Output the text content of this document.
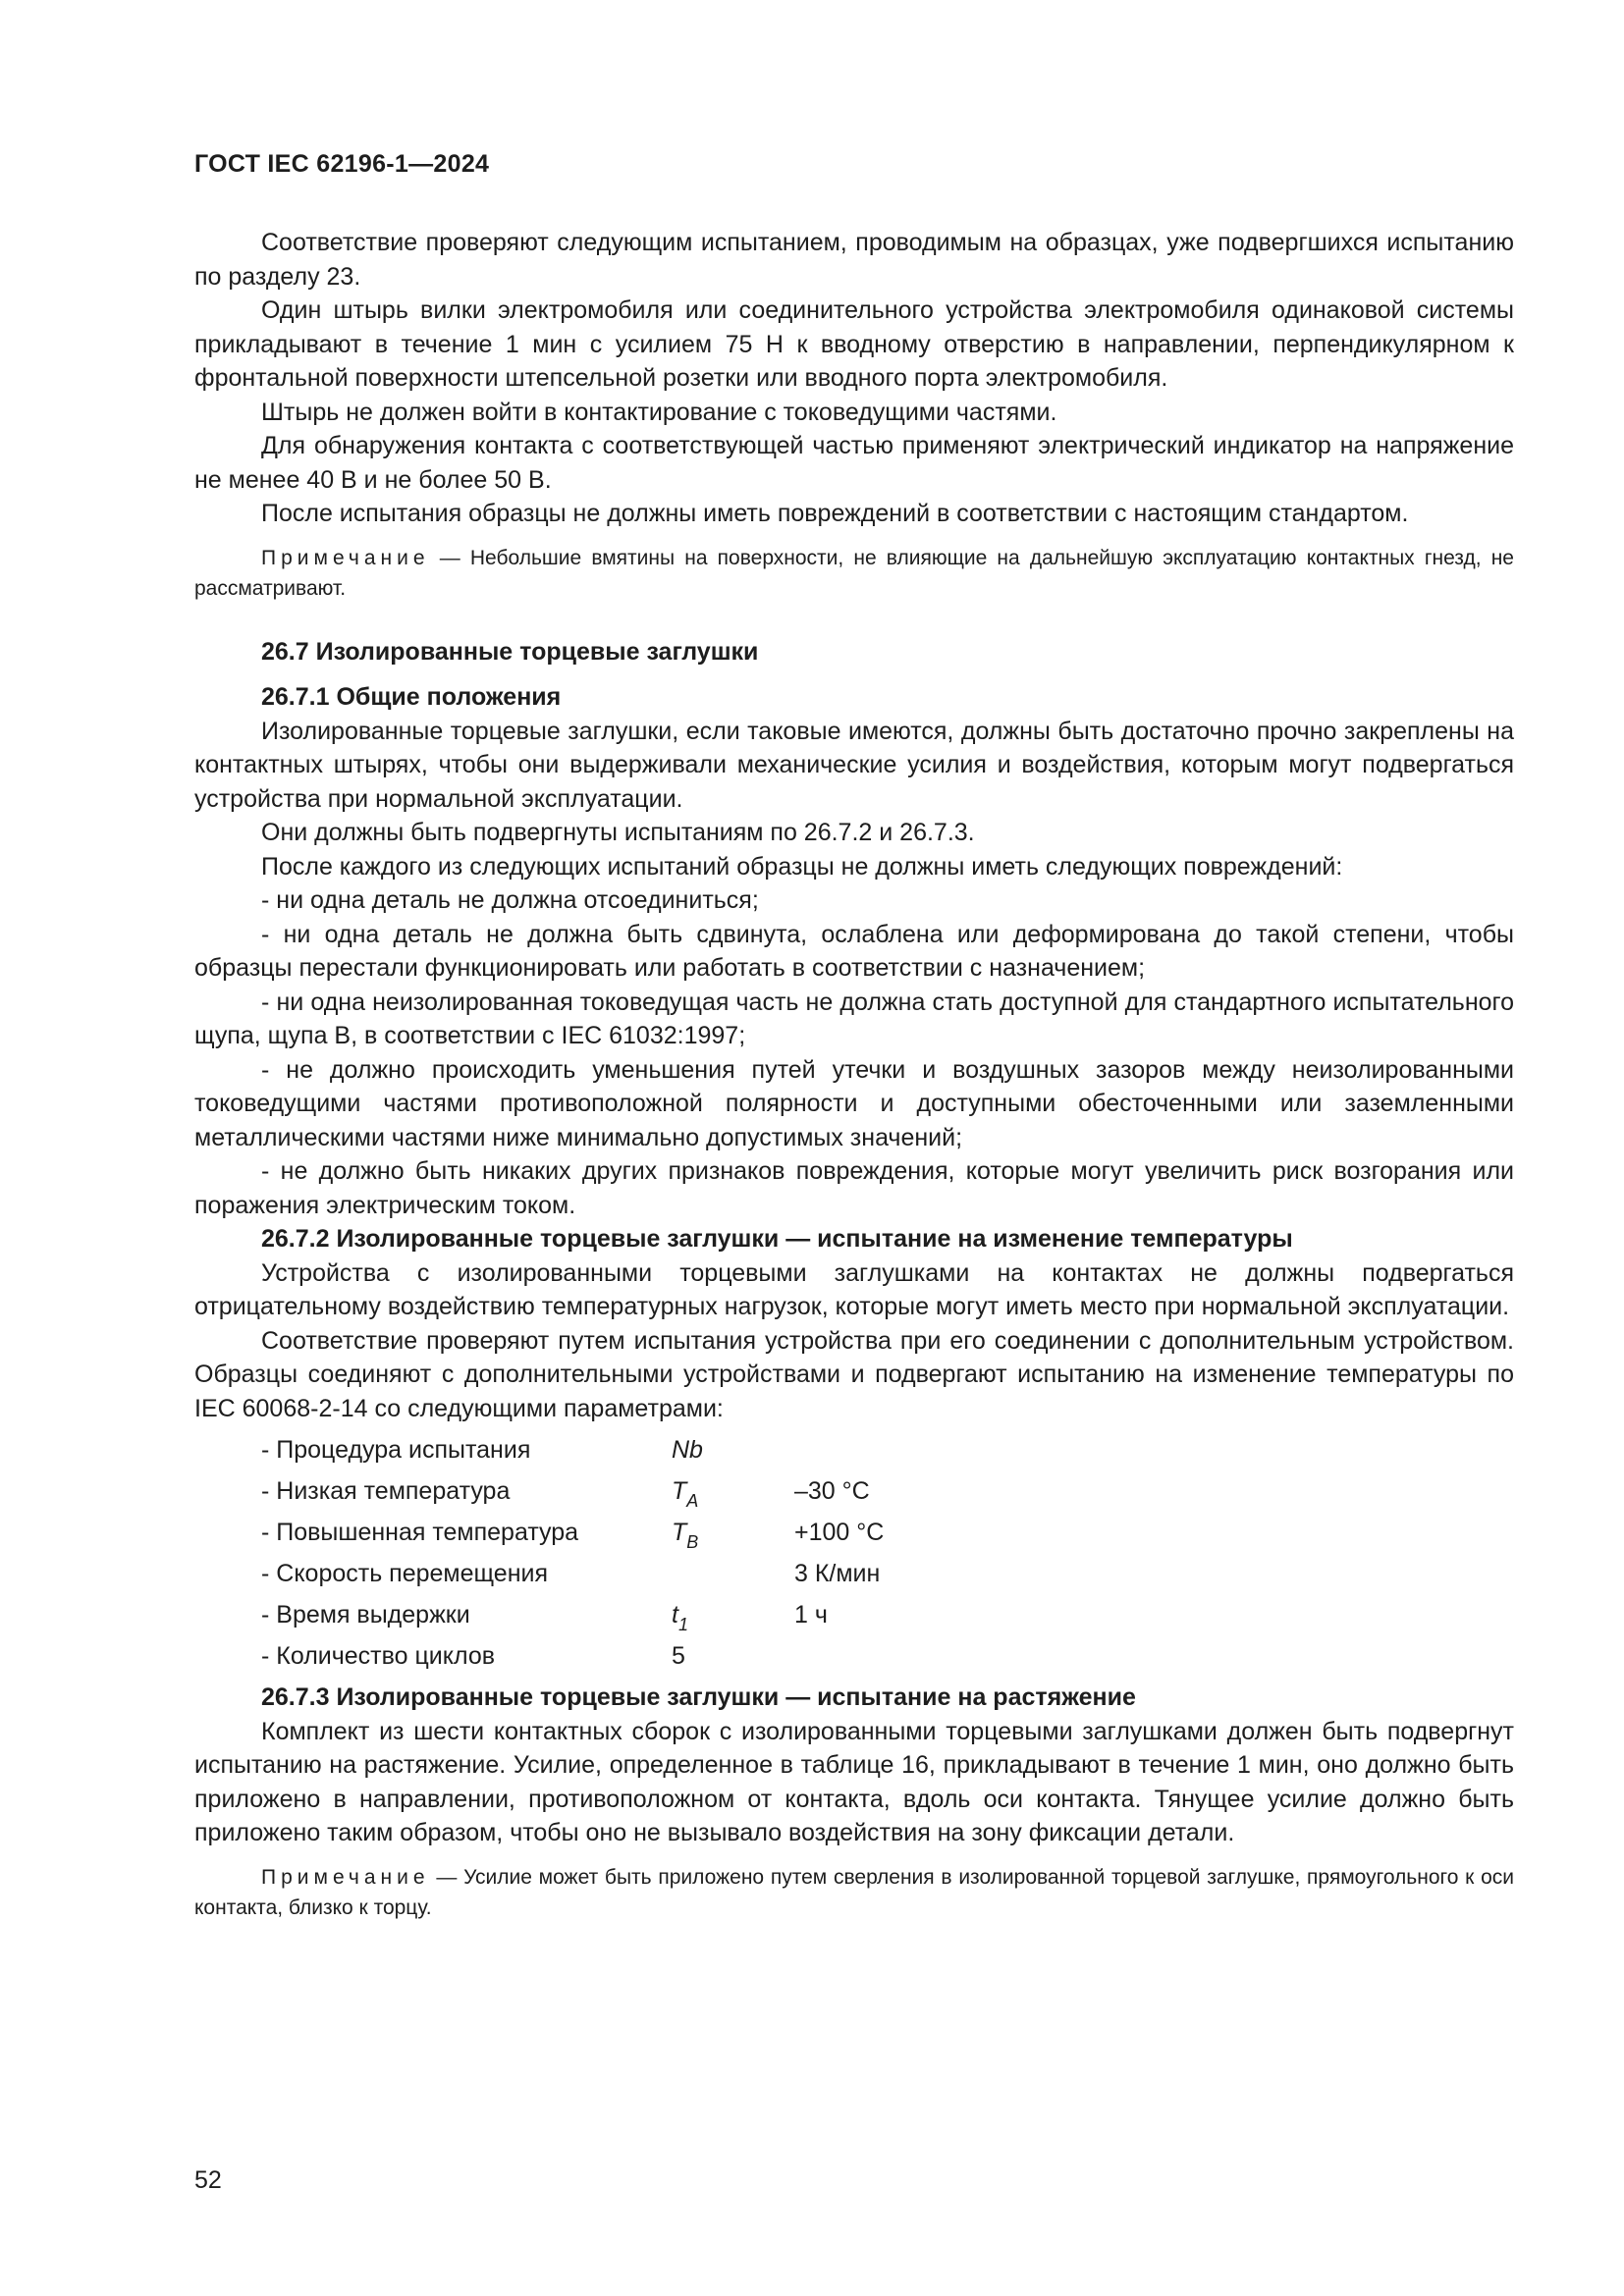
ГОСТ IEC 62196-1—2024

Соответствие проверяют следующим испытанием, проводимым на образцах, уже подвергшихся испытанию по разделу 23.

Один штырь вилки электромобиля или соединительного устройства электромобиля одинаковой системы прикладывают в течение 1 мин с усилием 75 Н к вводному отверстию в направлении, перпендикулярном к фронтальной поверхности штепсельной розетки или вводного порта электромобиля.

Штырь не должен войти в контактирование с токоведущими частями.

Для обнаружения контакта с соответствующей частью применяют электрический индикатор на напряжение не менее 40 В и не более 50 В.

После испытания образцы не должны иметь повреждений в соответствии с настоящим стандартом.

Примечание — Небольшие вмятины на поверхности, не влияющие на дальнейшую эксплуатацию контактных гнезд, не рассматривают.

26.7 Изолированные торцевые заглушки
26.7.1 Общие положения

Изолированные торцевые заглушки, если таковые имеются, должны быть достаточно прочно закреплены на контактных штырях, чтобы они выдерживали механические усилия и воздействия, которым могут подвергаться устройства при нормальной эксплуатации.

Они должны быть подвергнуты испытаниям по 26.7.2 и 26.7.3.

После каждого из следующих испытаний образцы не должны иметь следующих повреждений:

- ни одна деталь не должна отсоединиться;

- ни одна деталь не должна быть сдвинута, ослаблена или деформирована до такой степени, чтобы образцы перестали функционировать или работать в соответствии с назначением;

- ни одна неизолированная токоведущая часть не должна стать доступной для стандартного испытательного щупа, щупа B, в соответствии с IEC 61032:1997;

- не должно происходить уменьшения путей утечки и воздушных зазоров между неизолированными токоведущими частями противоположной полярности и доступными обесточенными или заземленными металлическими частями ниже минимально допустимых значений;

- не должно быть никаких других признаков повреждения, которые могут увеличить риск возгорания или поражения электрическим током.

26.7.2 Изолированные торцевые заглушки — испытание на изменение температуры

Устройства с изолированными торцевыми заглушками на контактах не должны подвергаться отрицательному воздействию температурных нагрузок, которые могут иметь место при нормальной эксплуатации.

Соответствие проверяют путем испытания устройства при его соединении с дополнительным устройством. Образцы соединяют с дополнительными устройствами и подвергают испытанию на изменение температуры по IEC 60068-2-14 со следующими параметрами:

- Процедура испытания	Nb	
- Низкая температура	$T_A$	–30 °C
- Повышенная температура	$T_B$	+100 °C
- Скорость перемещения		3 К/мин
- Время выдержки	$t_1$	1 ч
- Количество циклов	5	
26.7.3 Изолированные торцевые заглушки — испытание на растяжение

Комплект из шести контактных сборок с изолированными торцевыми заглушками должен быть подвергнут испытанию на растяжение. Усилие, определенное в таблице 16, прикладывают в течение 1 мин, оно должно быть приложено в направлении, противоположном от контакта, вдоль оси контакта. Тянущее усилие должно быть приложено таким образом, чтобы оно не вызывало воздействия на зону фиксации детали.

Примечание — Усилие может быть приложено путем сверления в изолированной торцевой заглушке, прямоугольного к оси контакта, близко к торцу.

52
